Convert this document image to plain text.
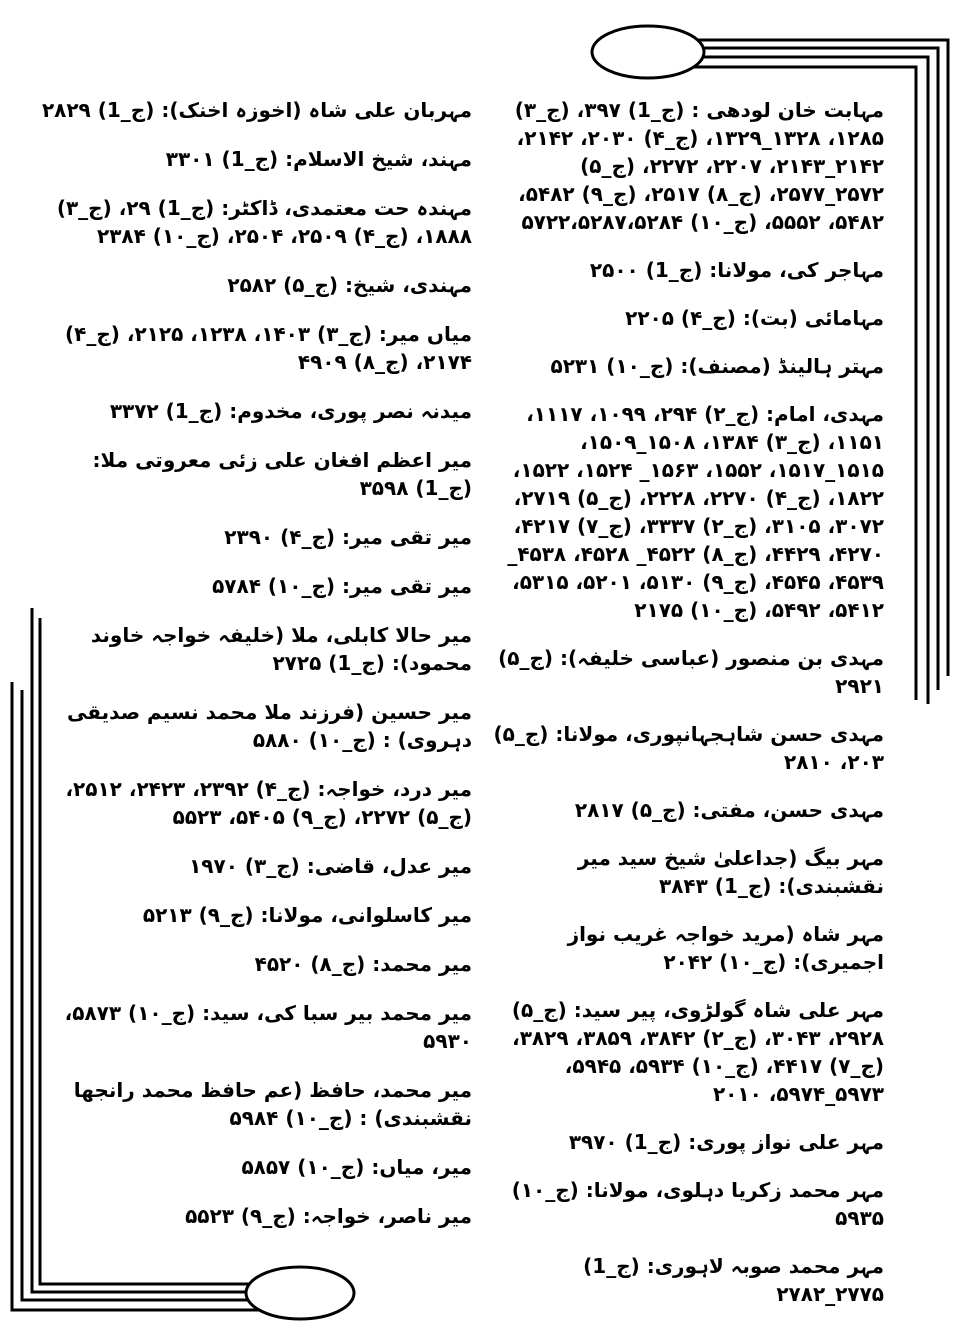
مہابت خان لودھی : (ج_1) ۳۹۷، (ج_۳) ۱۲۸۵، ۱۳۲۸_۱۳۲۹، (ج_۴) ۲۰۳۰، ۲۱۴۲، ۲۱۴۲_۲۱۴۳، ۲۲۰۷، ۲۲۷۲، (ج_۵) ۲۵۷۲_۲۵۷۷، (ج_۸) ۲۵۱۷، (ج_۹) ۵۴۸۲، ۵۴۸۲، ۵۵۵۲، (ج_۱۰) ۵۷۲۲،۵۲۸۷،۵۲۸۴

مہاجر کی، مولانا: (ج_1) ۲۵۰۰

مہامائی (بت): (ج_۴) ۲۲۰۵

مہتر ہالینڈ (مصنف): (ج_۱۰) ۵۲۳۱

مہدی، امام: (ج_۲) ۲۹۴، ۱۰۹۹، ۱۱۱۷، ۱۱۵۱، (ج_۳) ۱۳۸۴، ۱۵۰۸_۱۵۰۹، ۱۵۱۵_۱۵۱۷، ۱۵۵۲، ۱۵۶۳_ ۱۵۲۴، ۱۵۲۲، ۱۸۲۲، (ج_۴) ۲۲۷۰، ۲۲۲۸، (ج_۵) ۲۷۱۹، ۳۰۷۲، ۳۱۰۵، (ج_۲) ۳۳۳۷، (ج_۷) ۴۲۱۷، ۴۲۷۰، ۴۴۲۹، (ج_۸) ۴۵۲۲_ ۴۵۲۸، ۴۵۳۸_ ۴۵۳۹، ۴۵۴۵، (ج_۹) ۵۱۳۰، ۵۲۰۱، ۵۳۱۵، ۵۴۱۲، ۵۴۹۲، (ج_۱۰) ۲۱۷۵

مہدی بن منصور (عباسی خلیفہ): (ج_۵) ۲۹۲۱

مہدی حسن شاہجہانپوری، مولانا: (ج_۵) ۲۰۳، ۲۸۱۰

مہدی حسن، مفتی: (ج_۵) ۲۸۱۷

مہر بیگ (جداعلیٰ شیخ سید میر نقشبندی): (ج_1) ۳۸۴۳

مہر شاہ (مرید خواجہ غریب نواز اجمیری): (ج_۱۰) ۲۰۴۲

مہر علی شاہ گولڑوی، پیر سید: (ج_۵) ۲۹۲۸، ۳۰۴۳، (ج_۲) ۳۸۴۲، ۳۸۵۹، ۳۸۲۹، (ج_۷) ۴۴۱۷، (ج_۱۰) ۵۹۳۴، ۵۹۴۵، ۵۹۷۳_۵۹۷۴، ۲۰۱۰

مہر علی نواز پوری: (ج_1) ۳۹۷۰

مہر محمد زکریا دہلوی، مولانا: (ج_۱۰) ۵۹۳۵

مہر محمد صوبہ لاہوری: (ج_1) ۲۷۷۵_۲۷۸۲

مہربان علی شاہ (اخوزہ اخنک): (ج_1) ۲۸۲۹

مہند، شیخ الاسلام: (ج_1) ۳۳۰۱

مہندہ حت معتمدی، ڈاکٹر: (ج_1) ۲۹، (ج_۳) ۱۸۸۸، (ج_۴) ۲۵۰۹، ۲۵۰۴، (ج_۱۰) ۲۳۸۴

مہندی، شیخ: (ج_۵) ۲۵۸۲

میاں میر: (ج_۳) ۱۴۰۳، ۱۲۳۸، ۲۱۲۵، (ج_۴) ۲۱۷۴، (ج_۸) ۴۹۰۹

میدنہ نصر پوری، مخدوم: (ج_1) ۳۳۷۲

میر اعظم افغان علی زئی معروتی ملا: (ج_1) ۳۵۹۸

میر تقی میر: (ج_۴) ۲۳۹۰

میر تقی میر: (ج_۱۰) ۵۷۸۴

میر حالا کابلی، ملا (خلیفہ خواجہ خاوند محمود): (ج_1) ۲۷۲۵

میر حسین (فرزند ملا محمد نسیم صدیقی دہروی) : (ج_۱۰) ۵۸۸۰

میر درد، خواجہ: (ج_۴) ۲۳۹۲، ۲۴۲۳، ۲۵۱۲، (ج_۵) ۲۲۷۲، (ج_۹) ۵۴۰۵، ۵۵۲۳

میر عدل، قاضی: (ج_۳) ۱۹۷۰

میر کاسلوانی، مولانا: (ج_۹) ۵۲۱۳

میر محمد: (ج_۸) ۴۵۲۰

میر محمد بیر سبا کی، سید: (ج_۱۰) ۵۸۷۳، ۵۹۳۰

میر محمد، حافظ (عم حافظ محمد رانجھا نقشبندی) : (ج_۱۰) ۵۹۸۴

میر، میاں: (ج_۱۰) ۵۸۵۷

میر ناصر، خواجہ: (ج_۹) ۵۵۲۳
